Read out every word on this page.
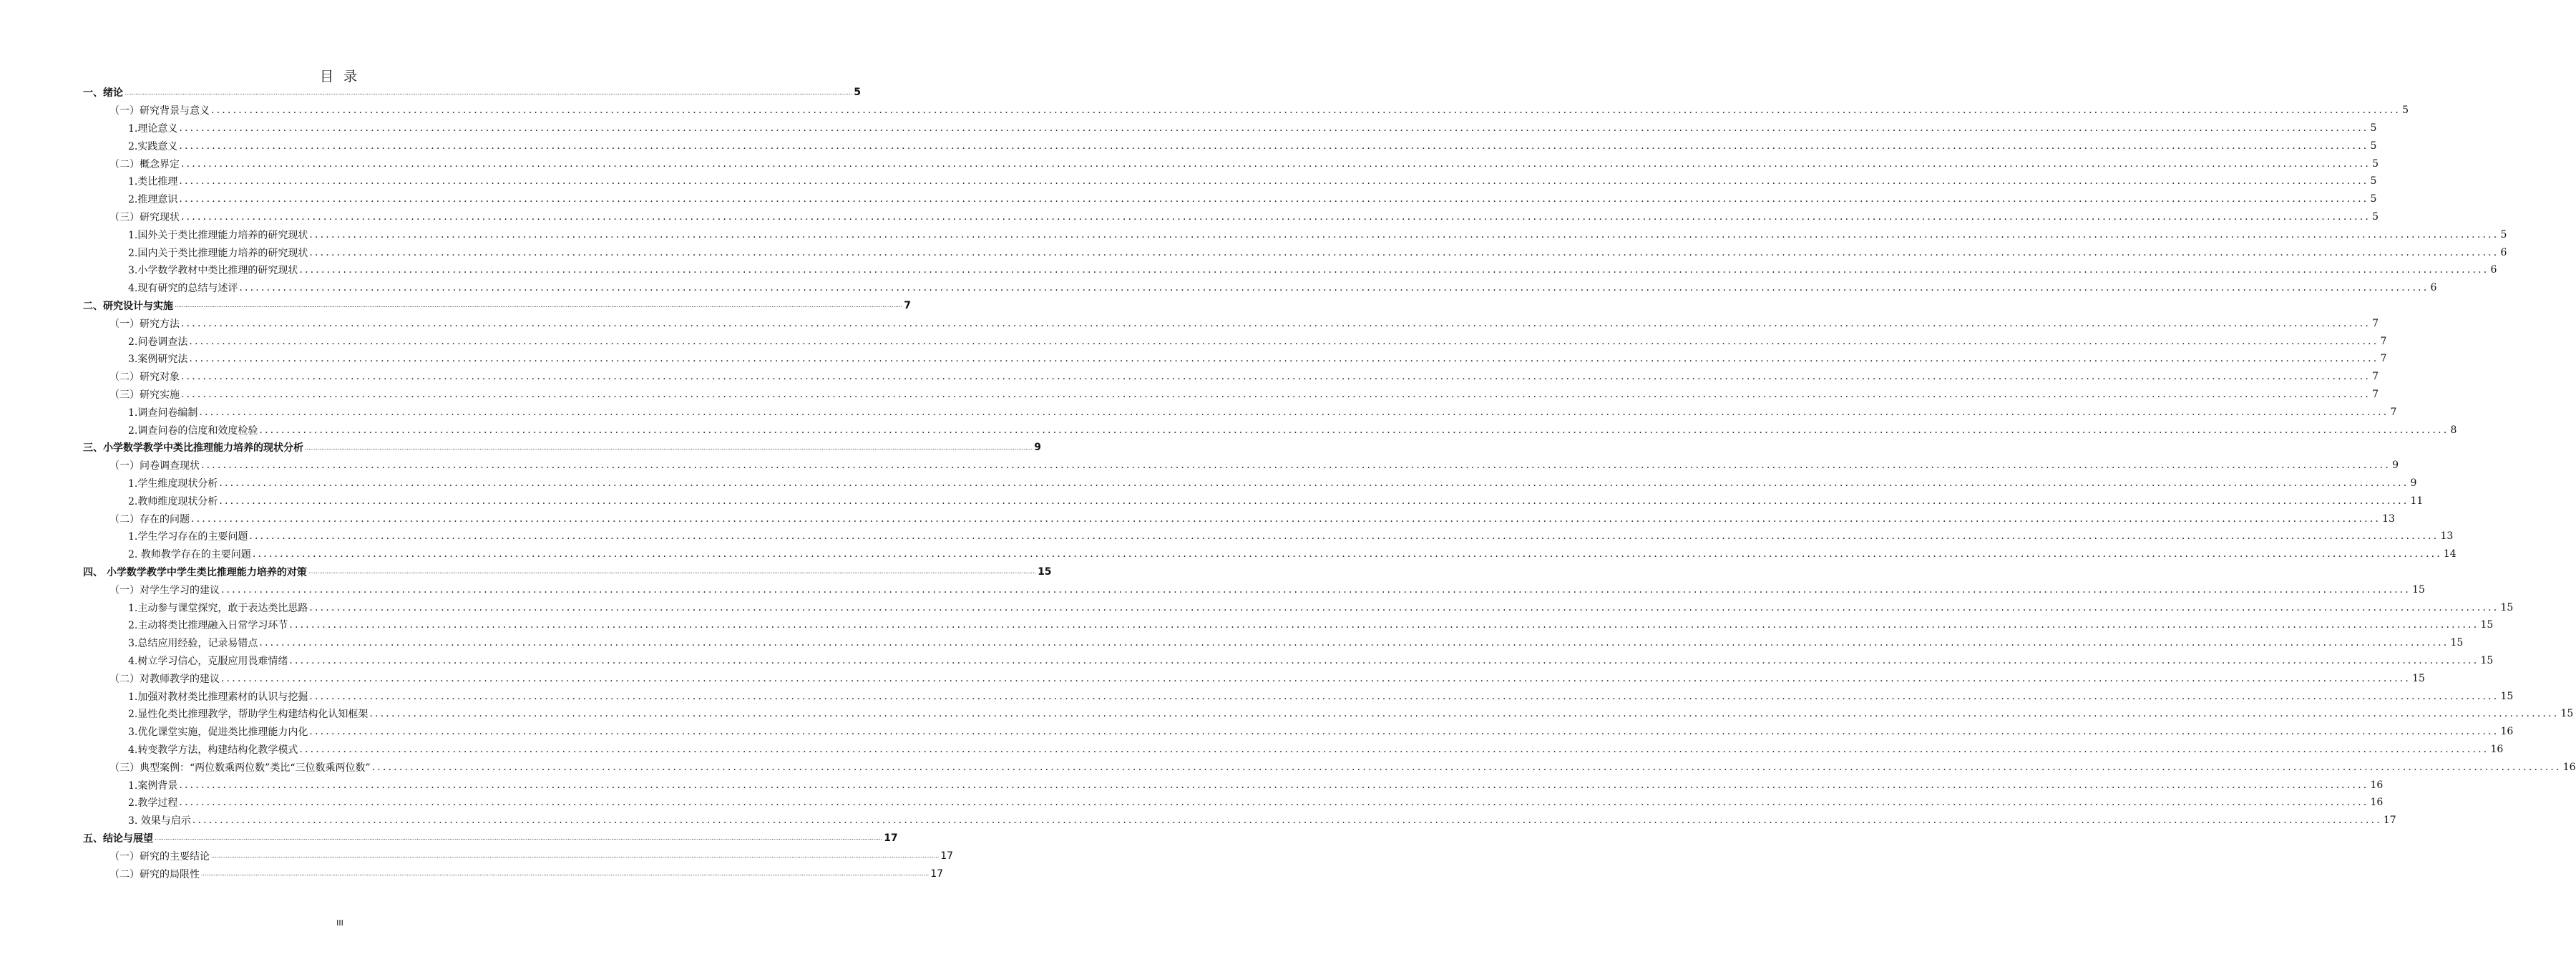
目 录
一、绪论 ................................................................................................................................................................................................................................................................................................................................................................................................................ 5
（一）研究背景与意义 ................................................................................................................................................................................................................................................................................................................................................................................................................ 5
1.理论意义 ................................................................................................................................................................................................................................................................................................................................................................................................................ 5
2.实践意义 ................................................................................................................................................................................................................................................................................................................................................................................................................ 5
（二）概念界定 ................................................................................................................................................................................................................................................................................................................................................................................................................ 5
1.类比推理 ................................................................................................................................................................................................................................................................................................................................................................................................................ 5
2.推理意识 ................................................................................................................................................................................................................................................................................................................................................................................................................ 5
（三）研究现状 ................................................................................................................................................................................................................................................................................................................................................................................................................ 5
1.国外关于类比推理能力培养的研究现状 ................................................................................................................................................................................................................................................................................................................................................................................................................ 5
2.国内关于类比推理能力培养的研究现状 ................................................................................................................................................................................................................................................................................................................................................................................................................ 6
3.小学数学教材中类比推理的研究现状 ................................................................................................................................................................................................................................................................................................................................................................................................................ 6
4.现有研究的总结与述评 ................................................................................................................................................................................................................................................................................................................................................................................................................ 6
二、研究设计与实施 ................................................................................................................................................................................................................................................................................................................................................................................................................ 7
（一）研究方法 ................................................................................................................................................................................................................................................................................................................................................................................................................ 7
2.问卷调查法 ................................................................................................................................................................................................................................................................................................................................................................................................................ 7
3.案例研究法 ................................................................................................................................................................................................................................................................................................................................................................................................................ 7
（二）研究对象 ................................................................................................................................................................................................................................................................................................................................................................................................................ 7
（三）研究实施 ................................................................................................................................................................................................................................................................................................................................................................................................................ 7
1.调查问卷编制 ................................................................................................................................................................................................................................................................................................................................................................................................................ 7
2.调查问卷的信度和效度检验 ................................................................................................................................................................................................................................................................................................................................................................................................................ 8
三、小学数学教学中类比推理能力培养的现状分析 ................................................................................................................................................................................................................................................................................................................................................................................................................ 9
（一）问卷调查现状 ................................................................................................................................................................................................................................................................................................................................................................................................................ 9
1.学生维度现状分析 ................................................................................................................................................................................................................................................................................................................................................................................................................ 9
2.教师维度现状分析 ................................................................................................................................................................................................................................................................................................................................................................................................................ 11
（二）存在的问题 ................................................................................................................................................................................................................................................................................................................................................................................................................ 13
1.学生学习存在的主要问题 ................................................................................................................................................................................................................................................................................................................................................................................................................ 13
2. 教师教学存在的主要问题 ................................................................................................................................................................................................................................................................................................................................................................................................................ 14
四、 小学数学教学中学生类比推理能力培养的对策 ................................................................................................................................................................................................................................................................................................................................................................................................................ 15
（一）对学生学习的建议 ................................................................................................................................................................................................................................................................................................................................................................................................................ 15
1.主动参与课堂探究，敢于表达类比思路 ................................................................................................................................................................................................................................................................................................................................................................................................................ 15
2.主动将类比推理融入日常学习环节 ................................................................................................................................................................................................................................................................................................................................................................................................................ 15
3.总结应用经验，记录易错点 ................................................................................................................................................................................................................................................................................................................................................................................................................ 15
4.树立学习信心，克服应用畏难情绪 ................................................................................................................................................................................................................................................................................................................................................................................................................ 15
（二）对教师教学的建议 ................................................................................................................................................................................................................................................................................................................................................................................................................ 15
1.加强对教材类比推理素材的认识与挖掘 ................................................................................................................................................................................................................................................................................................................................................................................................................ 15
2.显性化类比推理教学，帮助学生构建结构化认知框架 ................................................................................................................................................................................................................................................................................................................................................................................................................ 15
3.优化课堂实施，促进类比推理能力内化 ................................................................................................................................................................................................................................................................................................................................................................................................................ 16
4.转变教学方法，构建结构化教学模式 ................................................................................................................................................................................................................................................................................................................................................................................................................ 16
（三）典型案例：“两位数乘两位数”类比“三位数乘两位数” ................................................................................................................................................................................................................................................................................................................................................................................................................ 16
1.案例背景 ................................................................................................................................................................................................................................................................................................................................................................................................................ 16
2.教学过程 ................................................................................................................................................................................................................................................................................................................................................................................................................ 16
3. 效果与启示 ................................................................................................................................................................................................................................................................................................................................................................................................................ 17
五、结论与展望 ................................................................................................................................................................................................................................................................................................................................................................................................................ 17
（一）研究的主要结论 ................................................................................................................................................................................................................................................................................................................................................................................................................ 17
（二）研究的局限性 ................................................................................................................................................................................................................................................................................................................................................................................................................ 17
III
